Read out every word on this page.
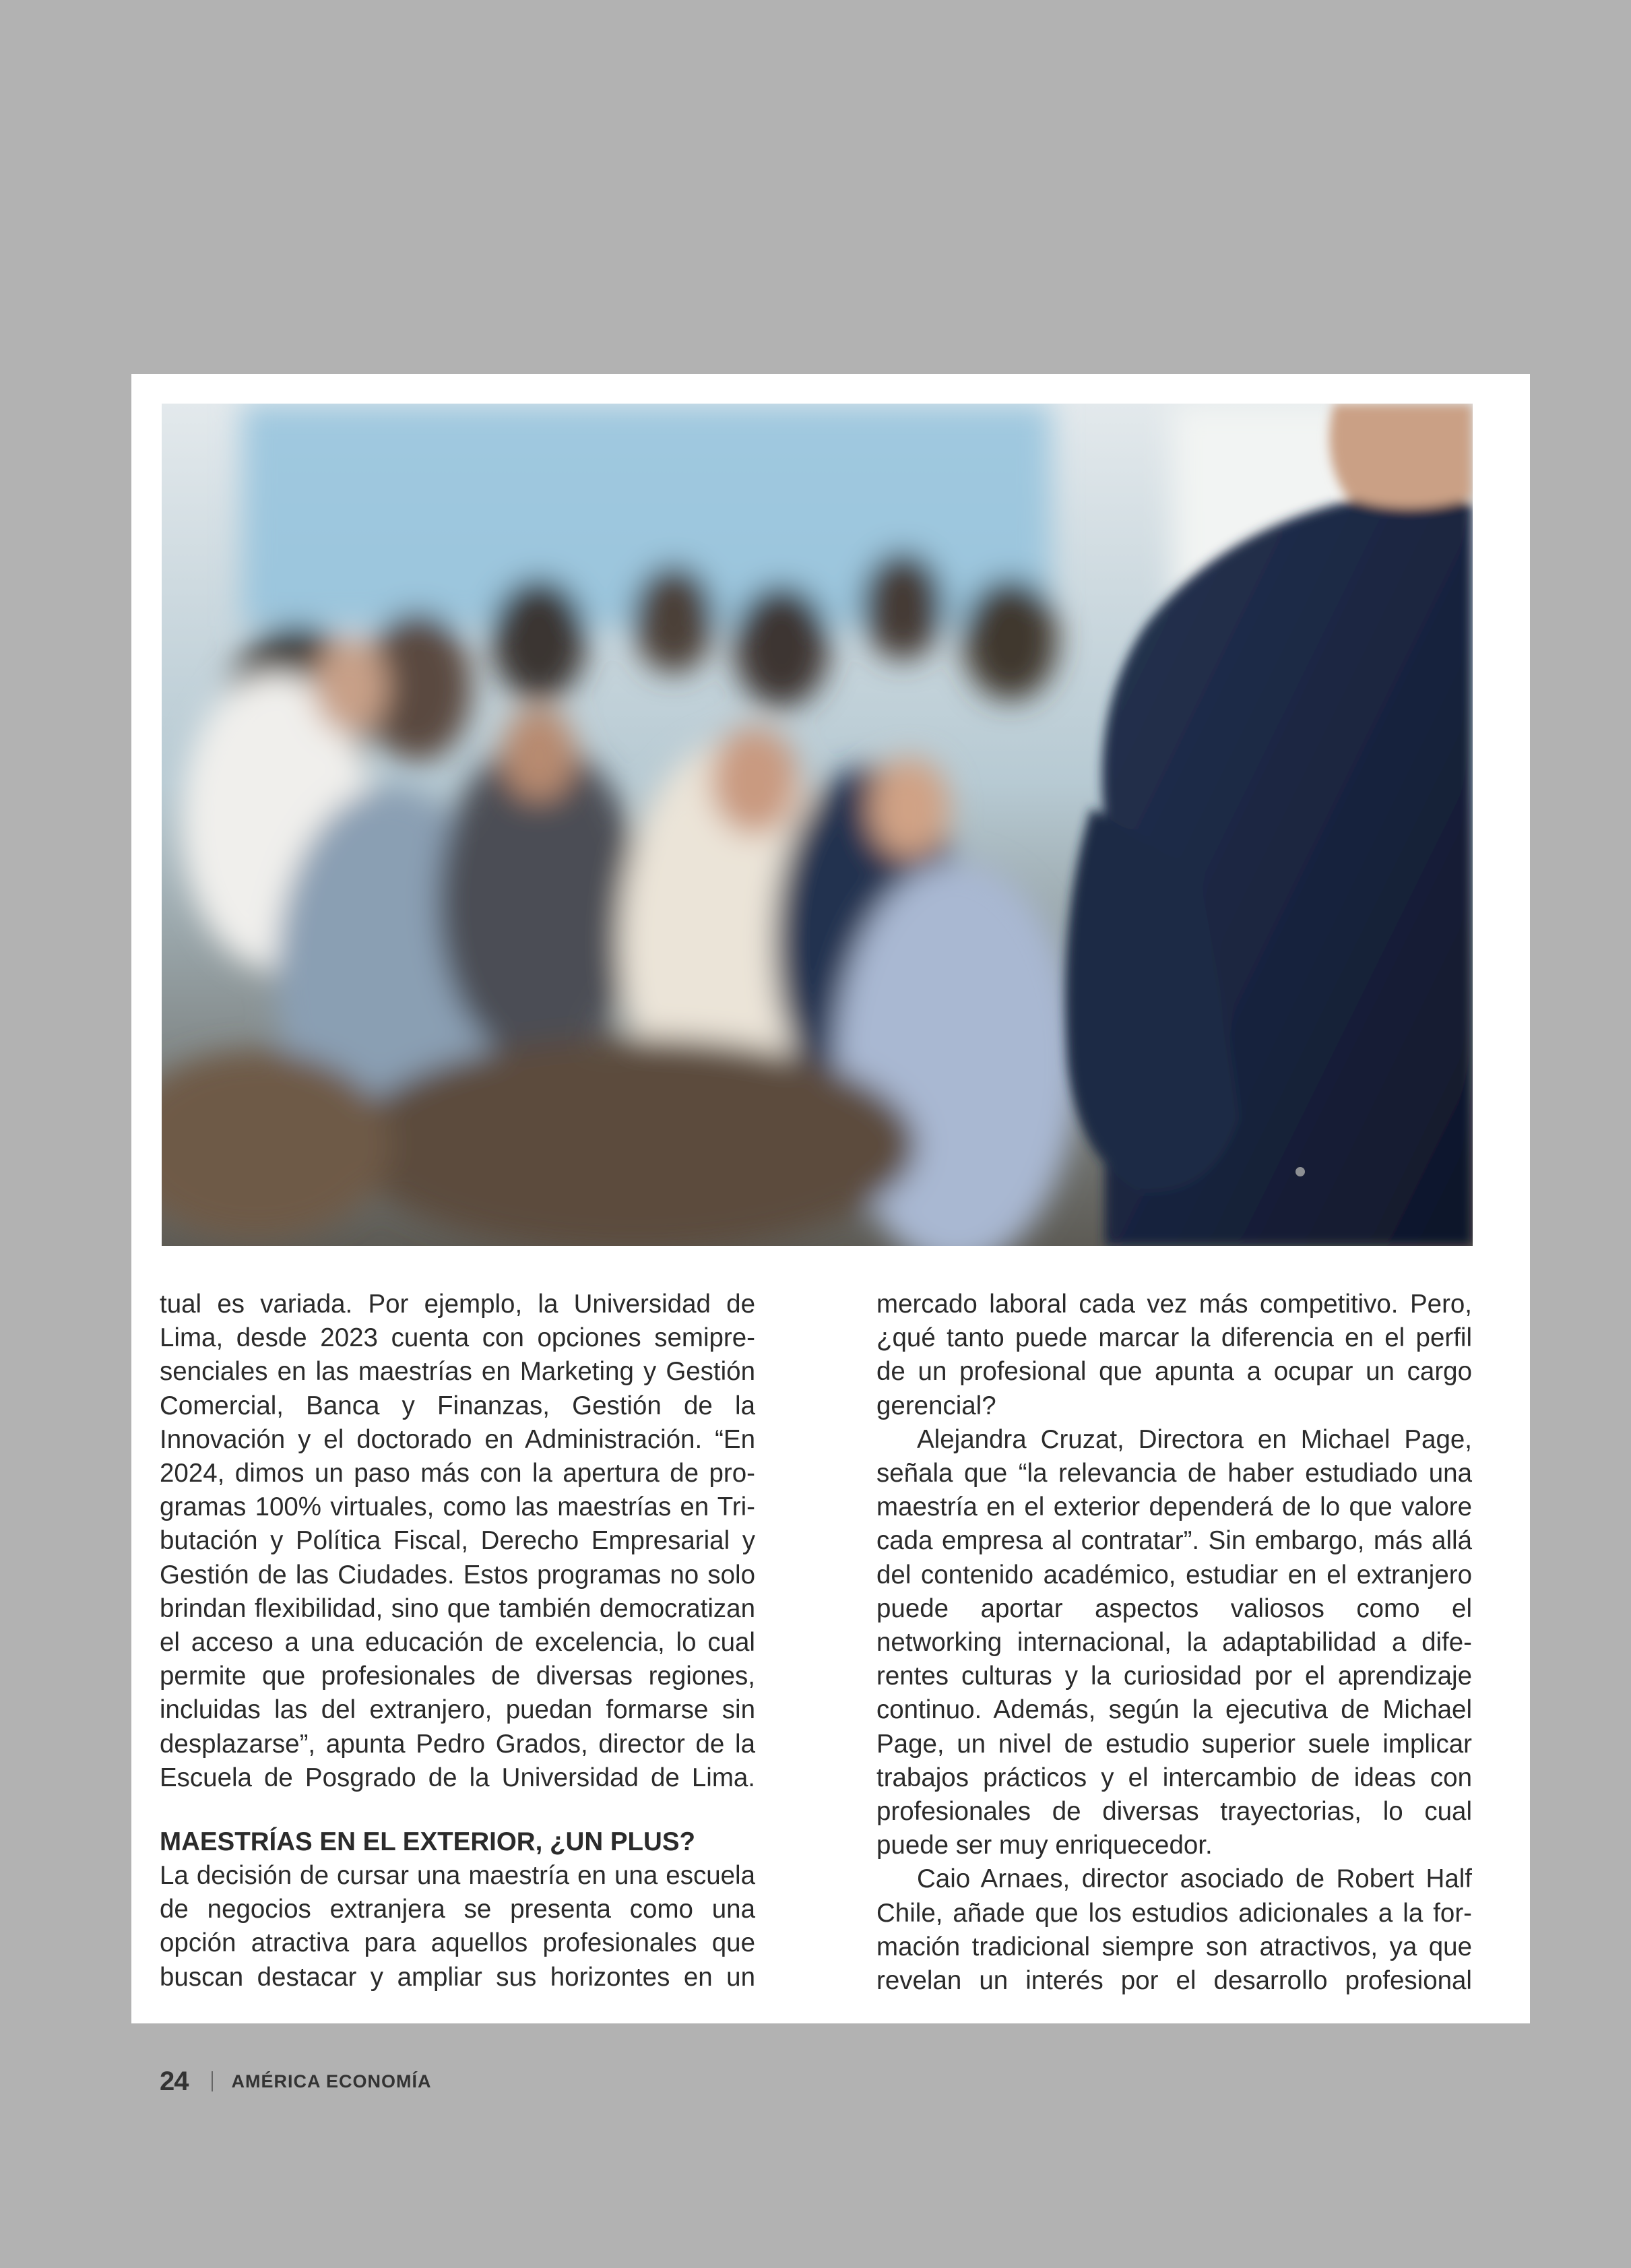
tual es variada. Por ejemplo, la Universidad de Lima, desde 2023 cuenta con opciones semipresenciales en las maestrías en Marketing y Gestión Comercial, Banca y Finanzas, Gestión de la Innovación y el doctorado en Administración. “En 2024, dimos un paso más con la apertura de programas 100% virtuales, como las maestrías en Tributación y Política Fiscal, Derecho Empresarial y Gestión de las Ciudades. Estos programas no solo brindan flexibilidad, sino que también democratizan el acceso a una educación de excelencia, lo cual permite que profesionales de diversas regiones, incluidas las del extranjero, puedan formarse sin desplazarse”, apunta Pedro Grados, director de la Escuela de Posgrado de la Universidad de Lima.

MAESTRÍAS EN EL EXTERIOR, ¿UN PLUS?

La decisión de cursar una maestría en una escuela de negocios extranjera se presenta como una opción atractiva para aquellos profesionales que buscan destacar y ampliar sus horizontes en un

mercado laboral cada vez más competitivo. Pero, ¿qué tanto puede marcar la diferencia en el perfil de un profesional que apunta a ocupar un cargo gerencial?

Alejandra Cruzat, Directora en Michael Page, señala que “la relevancia de haber estudiado una maestría en el exterior dependerá de lo que valore cada empresa al contratar”. Sin embargo, más allá del contenido académico, estudiar en el extranjero puede aportar aspectos valiosos como el networking internacional, la adaptabilidad a diferentes culturas y la curiosidad por el aprendizaje continuo. Además, según la ejecutiva de Michael Page, un nivel de estudio superior suele implicar trabajos prácticos y el intercambio de ideas con profesionales de diversas trayectorias, lo cual puede ser muy enriquecedor.

Caio Arnaes, director asociado de Robert Half Chile, añade que los estudios adicionales a la formación tradicional siempre son atractivos, ya que revelan un interés por el desarrollo profesional

24 AMÉRICA ECONOMÍA
